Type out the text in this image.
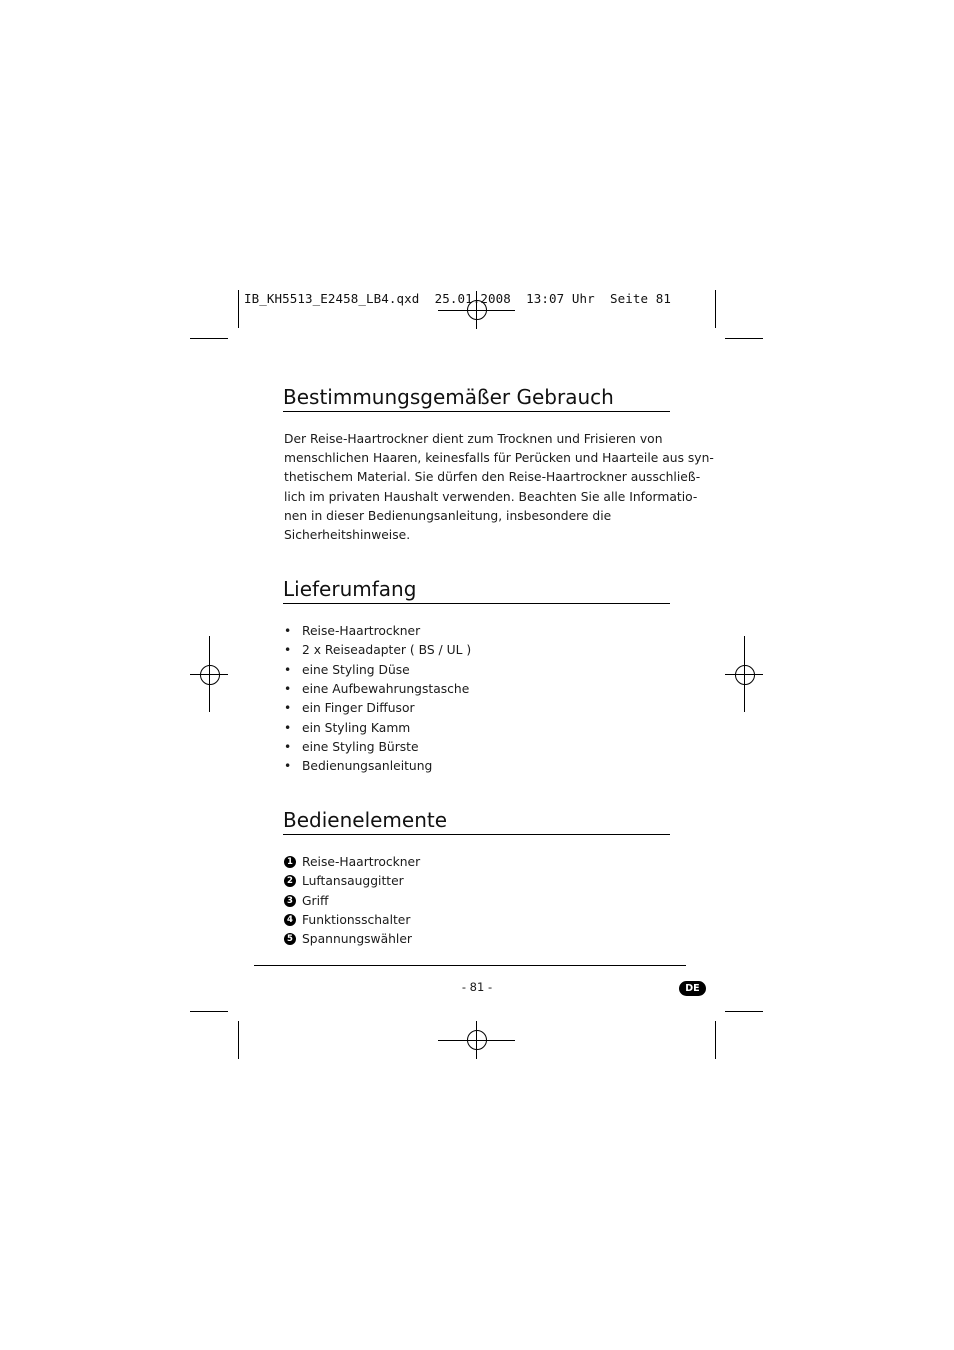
IB_KH5513_E2458_LB4.qxd  25.01.2008  13:07 Uhr  Seite 81
Bestimmungsgemäßer Gebrauch
Der Reise-Haartrockner dient zum Trocknen und Frisieren von
menschlichen Haaren, keinesfalls für Perücken und Haarteile aus syn-
thetischem Material. Sie dürfen den Reise-Haartrockner ausschließ-
lich im privaten Haushalt verwenden. Beachten Sie alle Informatio-
nen in dieser Bedienungsanleitung, insbesondere die
Sicherheitshinweise.
Lieferumfang
• Reise-Haartrockner
• 2 x Reiseadapter ( BS / UL )
• eine Styling Düse
• eine Aufbewahrungstasche
• ein Finger Diffusor
• ein Styling Kamm
• eine Styling Bürste
• Bedienungsanleitung
Bedienelemente
1 Reise-Haartrockner
2 Luftansauggitter
3 Griff
4 Funktionsschalter
5 Spannungswähler
- 81 -	DE
